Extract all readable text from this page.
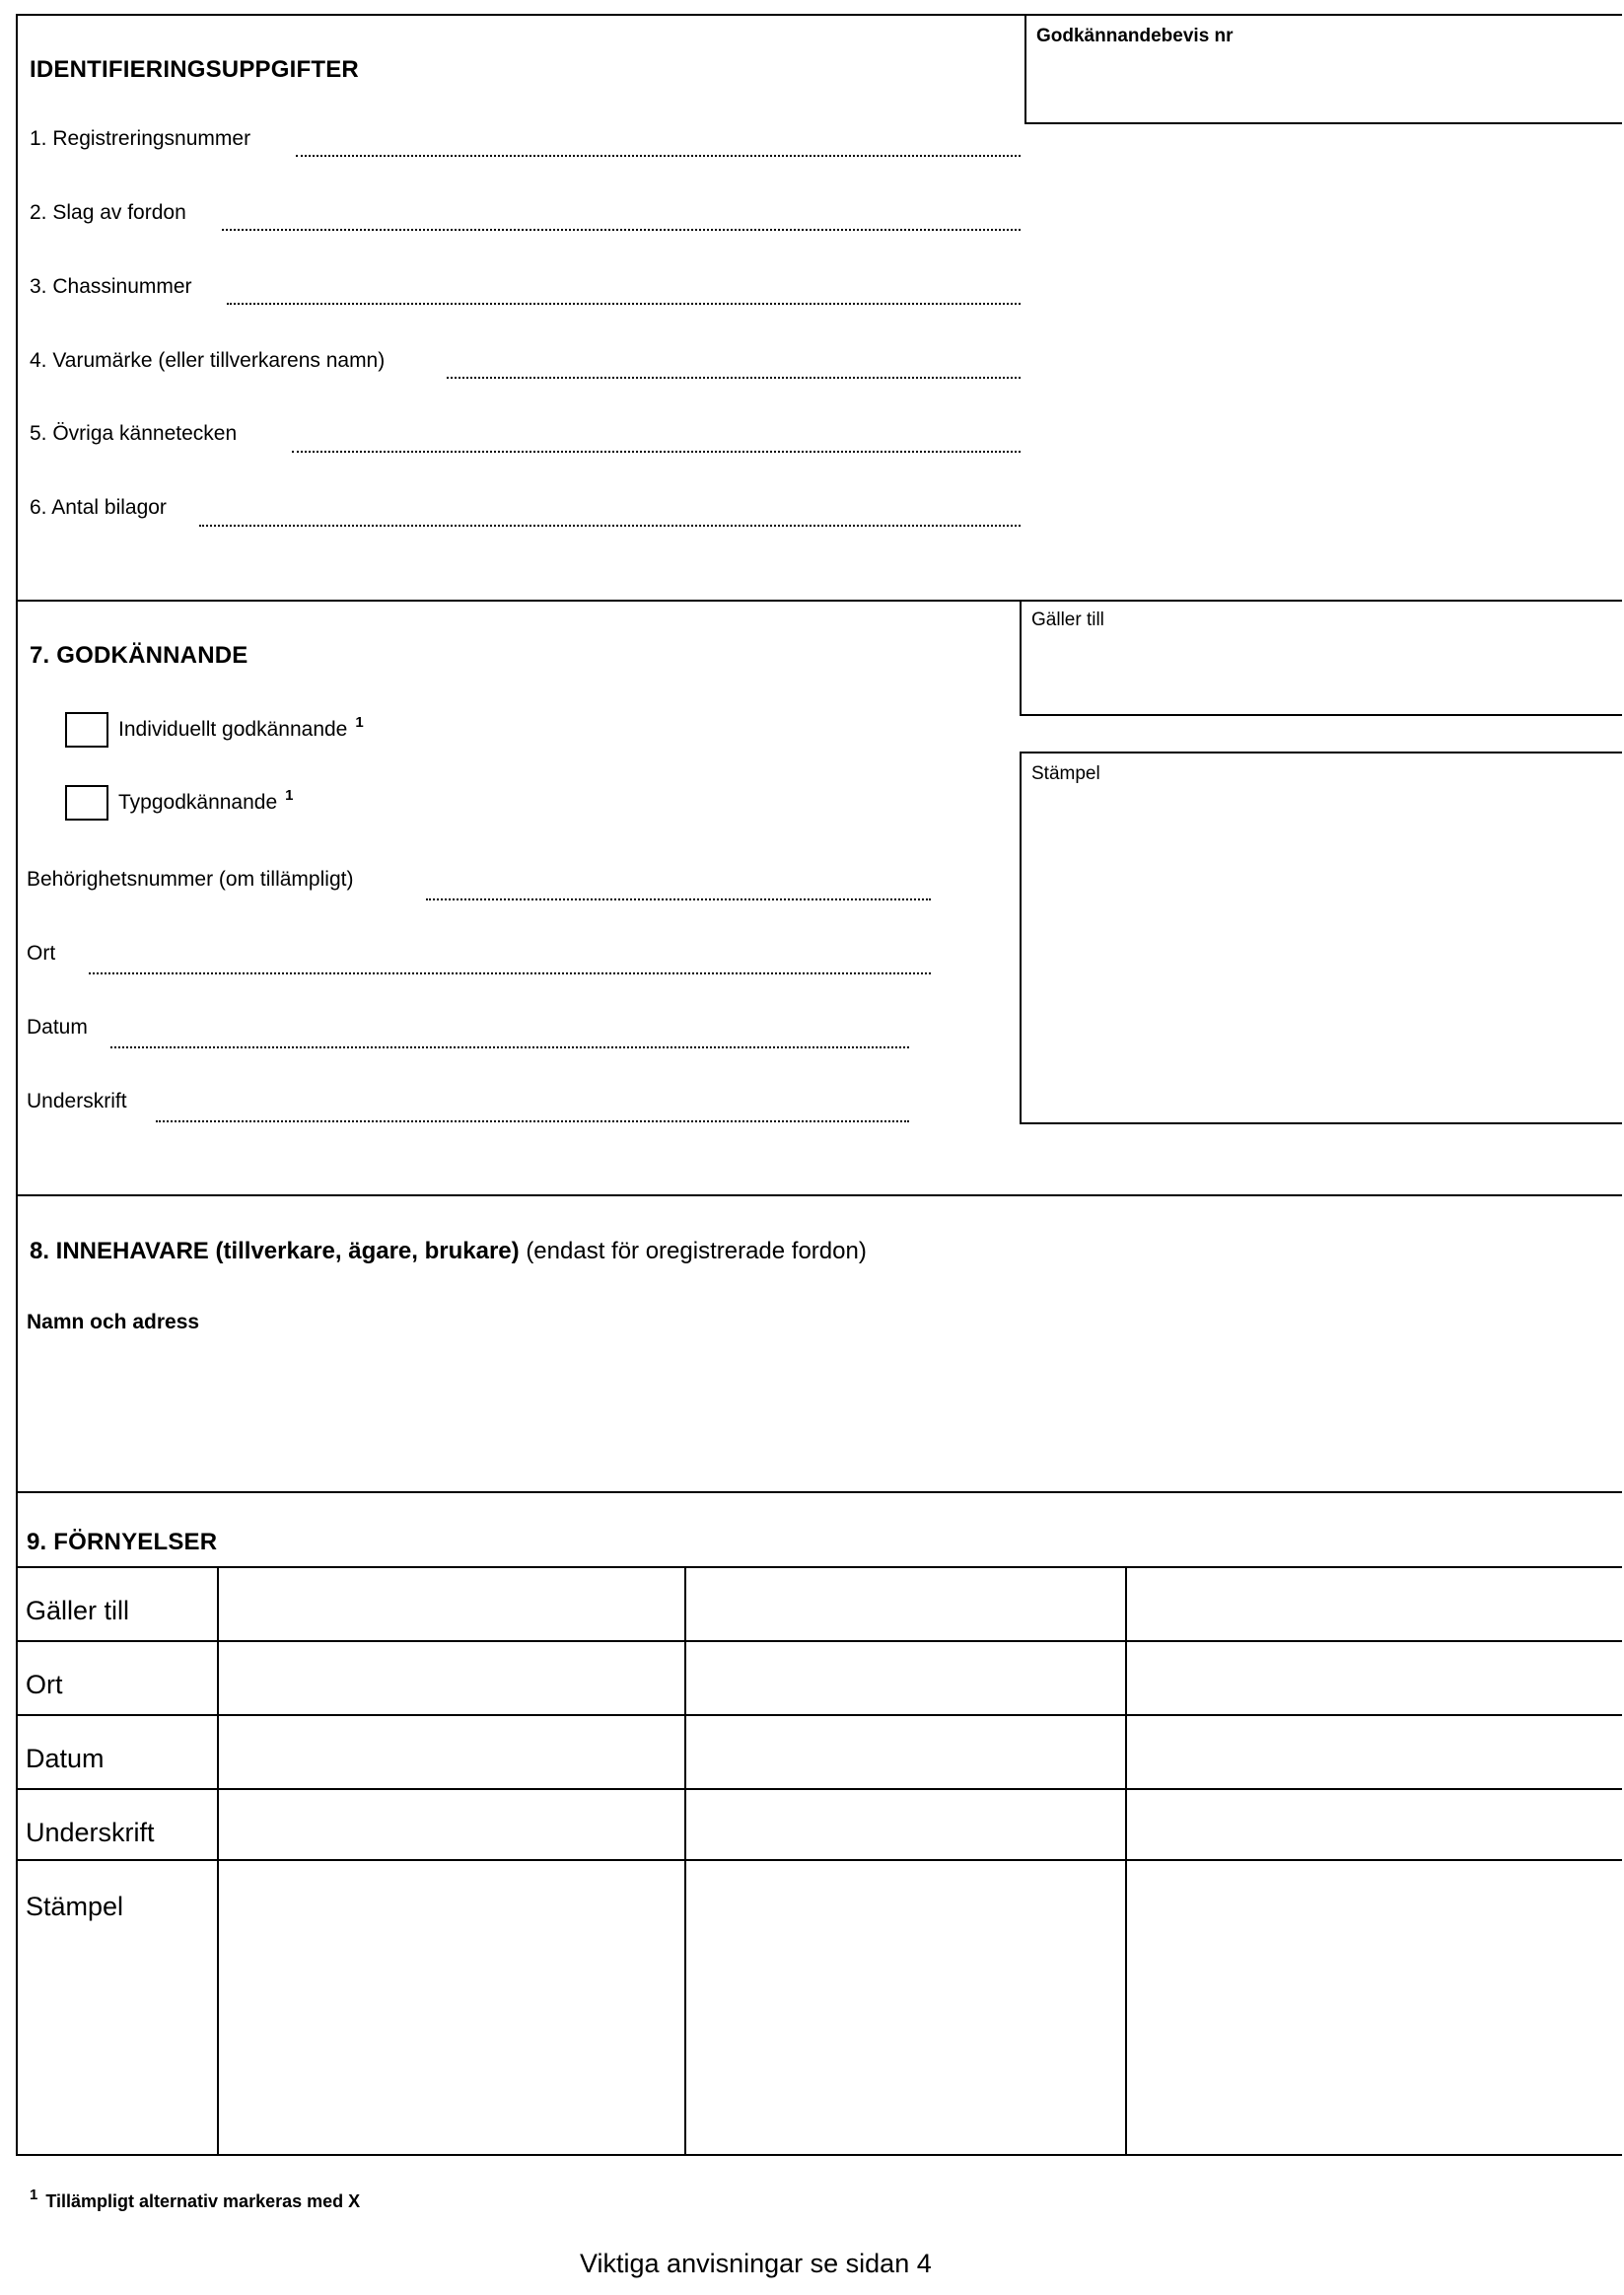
IDENTIFIERINGSUPPGIFTER
Godkännandebevis nr
1. Registreringsnummer
2. Slag av fordon
3. Chassinummer
4. Varumärke (eller tillverkarens namn)
5. Övriga kännetecken
6. Antal bilagor
7. GODKÄNNANDE
Gäller till
Stämpel
Individuellt godkännande $^1$
Typgodkännande $^1$
Behörighetsnummer (om tillämpligt)
Ort
Datum
Underskrift
8. INNEHAVARE (tillverkare, ägare, brukare) (endast för oregistrerade fordon)
Namn och adress
9. FÖRNYELSER
Gäller till
Ort
Datum
Underskrift
Stämpel
$^1$ Tillämpligt alternativ markeras med X
Viktiga anvisningar se sidan 4
